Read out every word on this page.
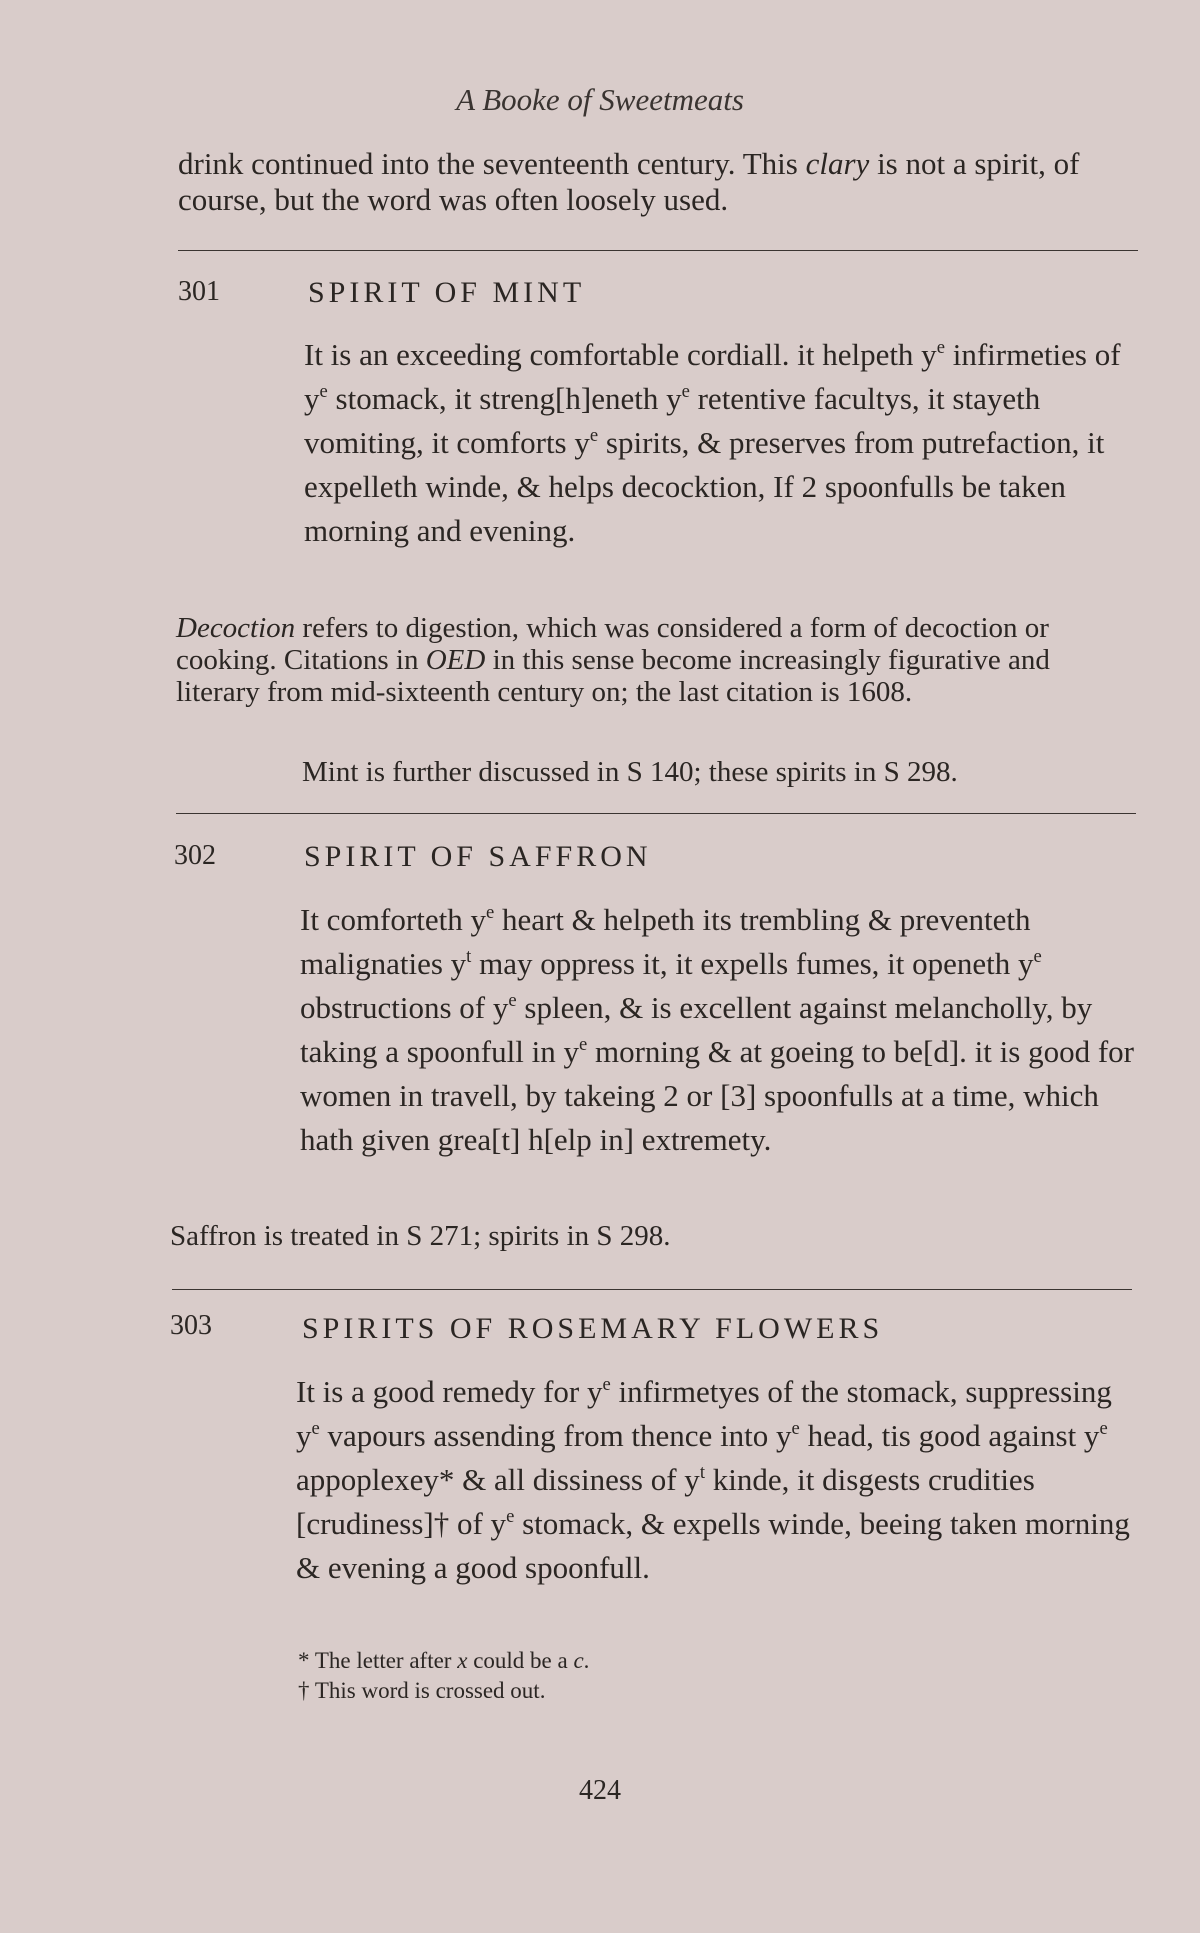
A Booke of Sweetmeats

drink continued into the seventeenth century. This clary is not a spirit, of course, but the word was often loosely used.

301	SPIRIT OF MINT

It is an exceeding comfortable cordiall. it helpeth $y^e$ infirmeties of $y^e$ stomack, it streng[h]eneth $y^e$ retentive facultys, it stayeth vomiting, it comforts $y^e$ spirits, & preserves from putrefaction, it expelleth winde, & helps decocktion, If 2 spoonfulls be taken morning and evening.

Decoction refers to digestion, which was considered a form of decoction or cooking. Citations in OED in this sense become increasingly figurative and literary from mid-sixteenth century on; the last citation is 1608.

Mint is further discussed in S 140; these spirits in S 298.

302	SPIRIT OF SAFFRON

It comforteth $y^e$ heart & helpeth its trembling & preventeth malignaties $y^t$ may oppress it, it expells fumes, it openeth $y^e$ obstructions of $y^e$ spleen, & is excellent against melancholly, by taking a spoonfull in $y^e$ morning & at goeing to be[d]. it is good for women in travell, by takeing 2 or [3] spoonfulls at a time, which hath given grea[t] h[elp in] extremety.

Saffron is treated in S 271; spirits in S 298.

303	SPIRITS OF ROSEMARY FLOWERS

It is a good remedy for $y^e$ infirmetyes of the stomack, suppressing $y^e$ vapours assending from thence into $y^e$ head, tis good against $y^e$ appoplexey* & all dissiness of $y^t$ kinde, it disgests crudities [crudiness]† of $y^e$ stomack, & expells winde, beeing taken morning & evening a good spoonfull.

* The letter after x could be a c.

† This word is crossed out.

424
